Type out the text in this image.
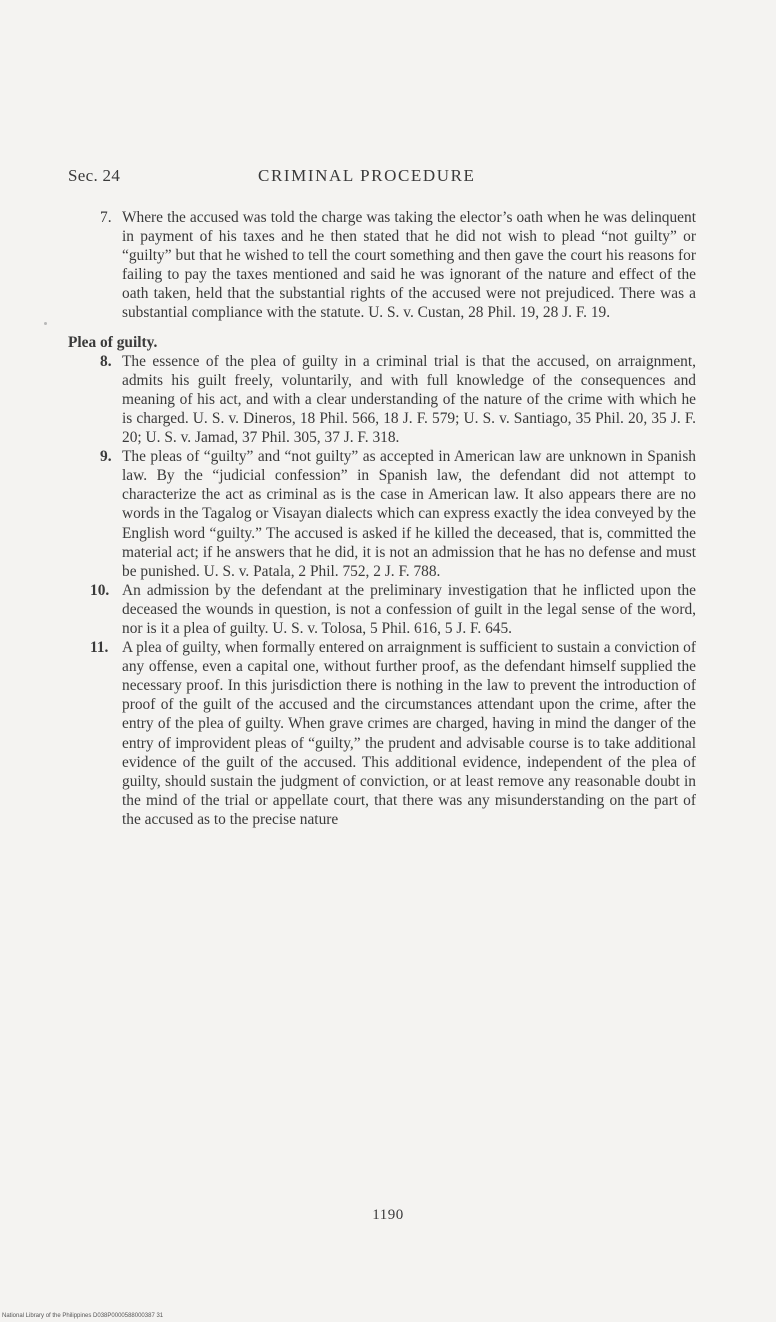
Sec. 24	CRIMINAL PROCEDURE
7. Where the accused was told the charge was taking the elector’s oath when he was delinquent in payment of his taxes and he then stated that he did not wish to plead “not guilty” or “guilty” but that he wished to tell the court something and then gave the court his reasons for failing to pay the taxes mentioned and said he was ignorant of the nature and effect of the oath taken, held that the substantial rights of the accused were not prejudiced. There was a substantial compliance with the statute. U. S. v. Custan, 28 Phil. 19, 28 J. F. 19.
Plea of guilty.
8. The essence of the plea of guilty in a criminal trial is that the accused, on arraignment, admits his guilt freely, voluntarily, and with full knowledge of the consequences and meaning of his act, and with a clear understanding of the nature of the crime with which he is charged. U. S. v. Dineros, 18 Phil. 566, 18 J. F. 579; U. S. v. Santiago, 35 Phil. 20, 35 J. F. 20; U. S. v. Jamad, 37 Phil. 305, 37 J. F. 318.
9. The pleas of “guilty” and “not guilty” as accepted in American law are unknown in Spanish law. By the “judicial confession” in Spanish law, the defendant did not attempt to characterize the act as criminal as is the case in American law. It also appears there are no words in the Tagalog or Visayan dialects which can express exactly the idea conveyed by the English word “guilty.” The accused is asked if he killed the deceased, that is, committed the material act; if he answers that he did, it is not an admission that he has no defense and must be punished. U. S. v. Patala, 2 Phil. 752, 2 J. F. 788.
10. An admission by the defendant at the preliminary investigation that he inflicted upon the deceased the wounds in question, is not a confession of guilt in the legal sense of the word, nor is it a plea of guilty. U. S. v. Tolosa, 5 Phil. 616, 5 J. F. 645.
11. A plea of guilty, when formally entered on arraignment is sufficient to sustain a conviction of any offense, even a capital one, without further proof, as the defendant himself supplied the necessary proof. In this jurisdiction there is nothing in the law to prevent the introduction of proof of the guilt of the accused and the circumstances attendant upon the crime, after the entry of the plea of guilty. When grave crimes are charged, having in mind the danger of the entry of improvident pleas of “guilty,” the prudent and advisable course is to take additional evidence of the guilt of the accused. This additional evidence, independent of the plea of guilty, should sustain the judgment of conviction, or at least remove any reasonable doubt in the mind of the trial or appellate court, that there was any misunderstanding on the part of the accused as to the precise nature
1190
National Library of the Philippines D038P0000588000387 31
